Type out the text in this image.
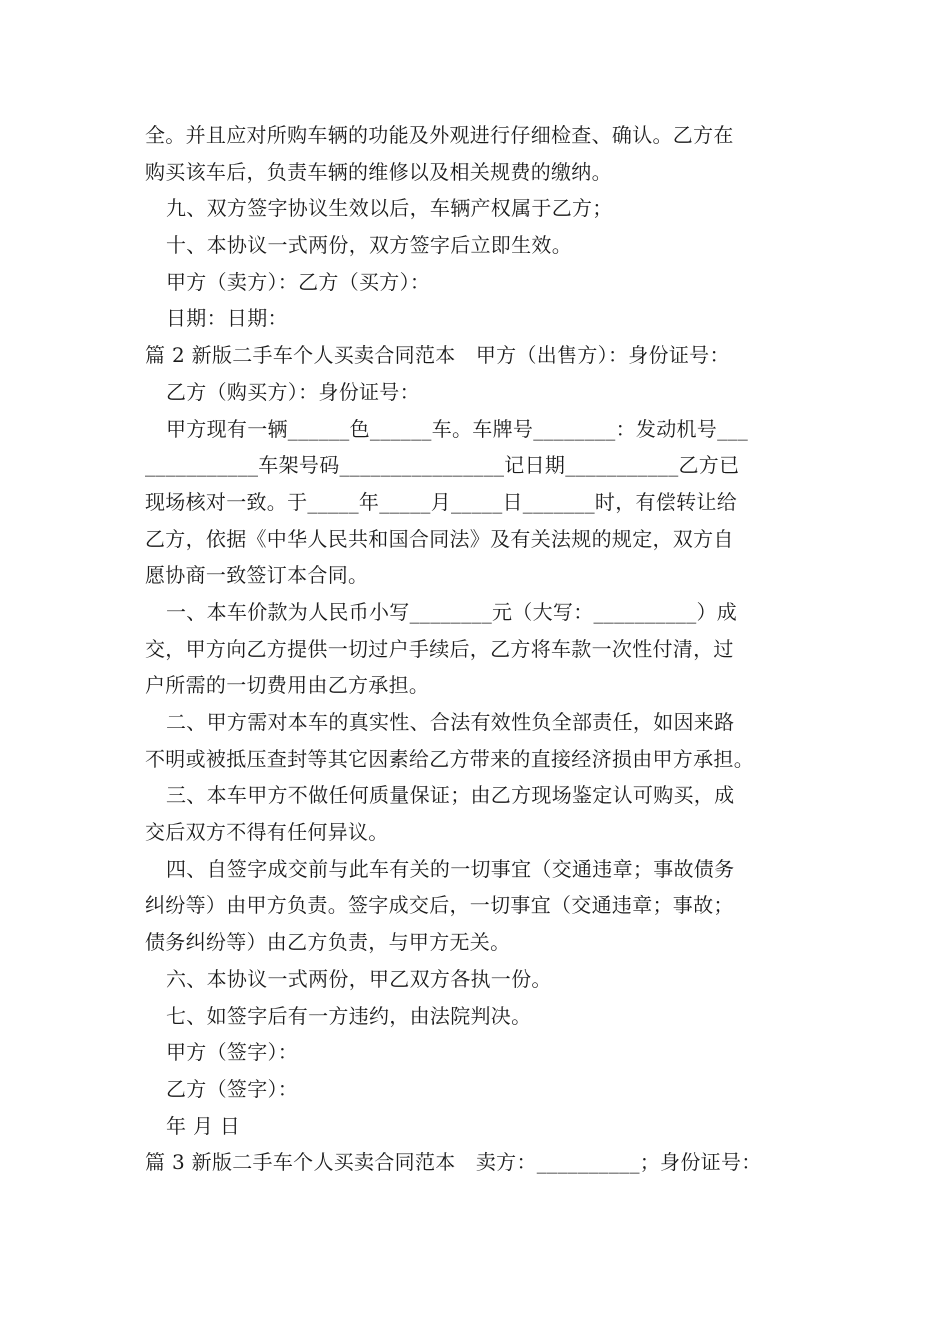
全。并且应对所购车辆的功能及外观进行仔细检查、确认。乙方在
购买该车后，负责车辆的维修以及相关规费的缴纳。
九、双方签字协议生效以后，车辆产权属于乙方；
十、本协议一式两份，双方签字后立即生效。
甲方（卖方）：乙方（买方）：
日期：日期：
篇 2 新版二手车个人买卖合同范本　甲方（出售方）：身份证号：
乙方（购买方）：身份证号：
甲方现有一辆______色______车。车牌号________：发动机号___
___________车架号码________________记日期___________乙方已
现场核对一致。于_____年_____月_____日_______时，有偿转让给
乙方，依据《中华人民共和国合同法》及有关法规的规定，双方自
愿协商一致签订本合同。
一、本车价款为人民币小写________元（大写：__________）成
交，甲方向乙方提供一切过户手续后，乙方将车款一次性付清，过
户所需的一切费用由乙方承担。
二、甲方需对本车的真实性、合法有效性负全部责任，如因来路
不明或被抵压查封等其它因素给乙方带来的直接经济损由甲方承担。
三、本车甲方不做任何质量保证；由乙方现场鉴定认可购买，成
交后双方不得有任何异议。
四、自签字成交前与此车有关的一切事宜（交通违章；事故债务
纠纷等）由甲方负责。签字成交后，一切事宜（交通违章；事故；
债务纠纷等）由乙方负责，与甲方无关。
六、本协议一式两份，甲乙双方各执一份。
七、如签字后有一方违约，由法院判决。
甲方（签字）：
乙方（签字）：
年 月 日
篇 3 新版二手车个人买卖合同范本　卖方：__________；身份证号：
